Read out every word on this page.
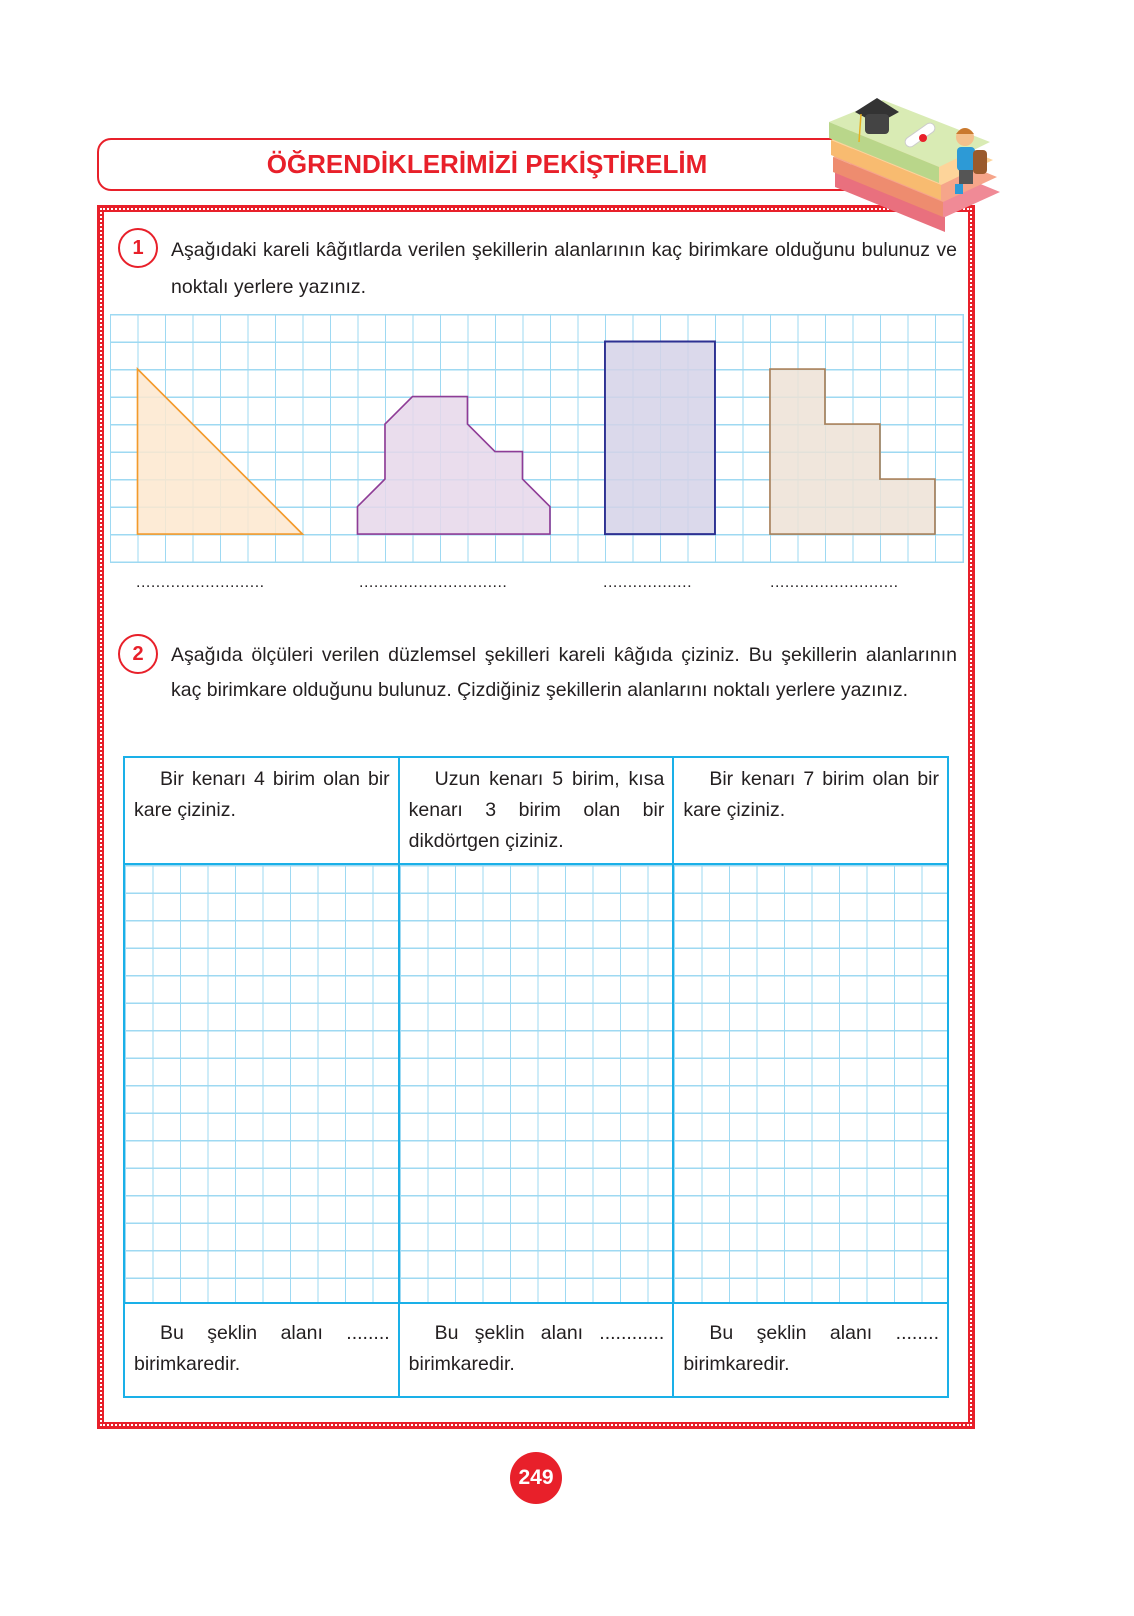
ÖĞRENDİKLERİMİZİ PEKİŞTİRELİM
1	Aşağıdaki kareli kâğıtlarda verilen şekillerin alanlarının kaç birimkare olduğunu bulunuz ve noktalı yerlere yazınız.
..........................	..............................	..................	..........................
2	Aşağıda ölçüleri verilen düzlemsel şekilleri kareli kâğıda çiziniz. Bu şekillerin alanlarının kaç birimkare olduğunu bulunuz. Çizdiğiniz şekillerin alanlarını noktalı yerlere yazınız.
Bir kenarı 4 birim olan bir kare çiziniz.	Uzun kenarı 5 birim, kısa kenarı 3 birim olan bir dikdörtgen çiziniz.	Bir kenarı 7 birim olan bir kare çiziniz.

Bu şeklin alanı ........ birimkaredir.	Bu şeklin alanı ............ birimkaredir.	Bu şeklin alanı ........ birimkaredir.
249
